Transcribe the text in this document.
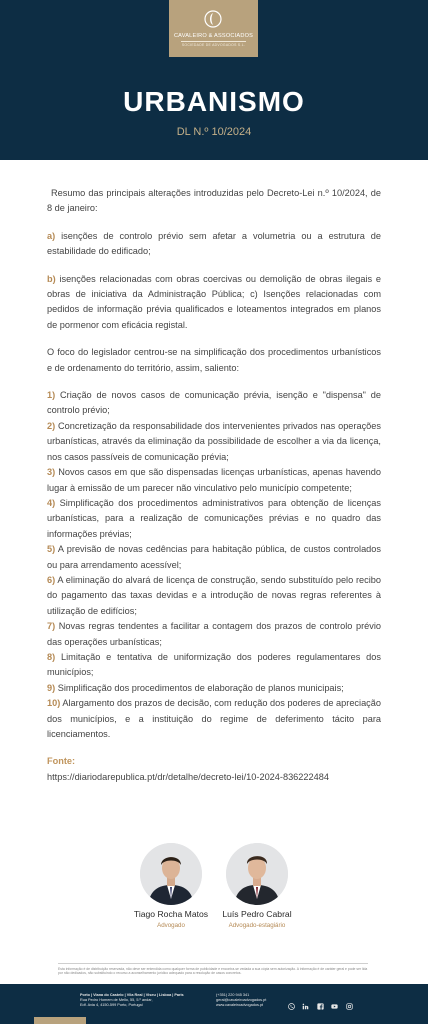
CAVALEIRO & ASSOCIADOS
SOCIEDADE DE ADVOGADOS S.L.
URBANISMO
DL N.º 10/2024

Resumo das principais alterações introduzidas pelo Decreto-Lei n.º 10/2024, de 8 de janeiro:

a) isenções de controlo prévio sem afetar a volumetria ou a estrutura de estabilidade do edificado;

b) isenções relacionadas com obras coercivas ou demolição de obras ilegais e obras de iniciativa da Administração Pública; c) Isenções relacionadas com pedidos de informação prévia qualificados e loteamentos integrados em planos de pormenor com eficácia registal.

O foco do legislador centrou-se na simplificação dos procedimentos urbanísticos e de ordenamento do território, assim, saliento:

1) Criação de novos casos de comunicação prévia, isenção e "dispensa" de controlo prévio;

2) Concretização da responsabilidade dos intervenientes privados nas operações urbanísticas, através da eliminação da possibilidade de escolher a via da licença, nos casos passíveis de comunicação prévia;

3) Novos casos em que são dispensadas licenças urbanísticas, apenas havendo lugar à emissão de um parecer não vinculativo pelo município competente;

4) Simplificação dos procedimentos administrativos para obtenção de licenças urbanísticas, para a realização de comunicações prévias e no quadro das informações prévias;

5) A previsão de novas cedências para habitação pública, de custos controlados ou para arrendamento acessível;

6) A eliminação do alvará de licença de construção, sendo substituído pelo recibo do pagamento das taxas devidas e a introdução de novas regras referentes à utilização de edifícios;

7) Novas regras tendentes a facilitar a contagem dos prazos de controlo prévio das operações urbanísticas;

8) Limitação e tentativa de uniformização dos poderes regulamentares dos municípios;

9) Simplificação dos procedimentos de elaboração de planos municipais;

10) Alargamento dos prazos de decisão, com redução dos poderes de apreciação dos municípios, e a instituição do regime de deferimento tácito para licenciamentos.

Fonte:

https://diariodarepublica.pt/dr/detalhe/decreto-lei/10-2024-836222484

Tiago Rocha Matos
Advogado
Luís Pedro Cabral
Advogado-estagiário
Esta informação é de distribuição reservada, não deve ser entendida como qualquer forma de publicidade e encontra-se vedada a sua cópia sem autorização. A informação é de caráter geral e pode ser lida por não dedicados, não substituindo o recurso a aconselhamento jurídico adequado para a resolução de casos concretos.
Porto | Viana do Castelo | Vila Real | Viseu | Lisboa | Paris
Rua Pedro Homem de Mello, 55, 5.º andar,
Edf. Avia 4, 4150-599 Porto, Portugal
(+351) 220 945 341
geral@cavaleiroadvogados.pt
www.cavaleiroadvogados.pt
